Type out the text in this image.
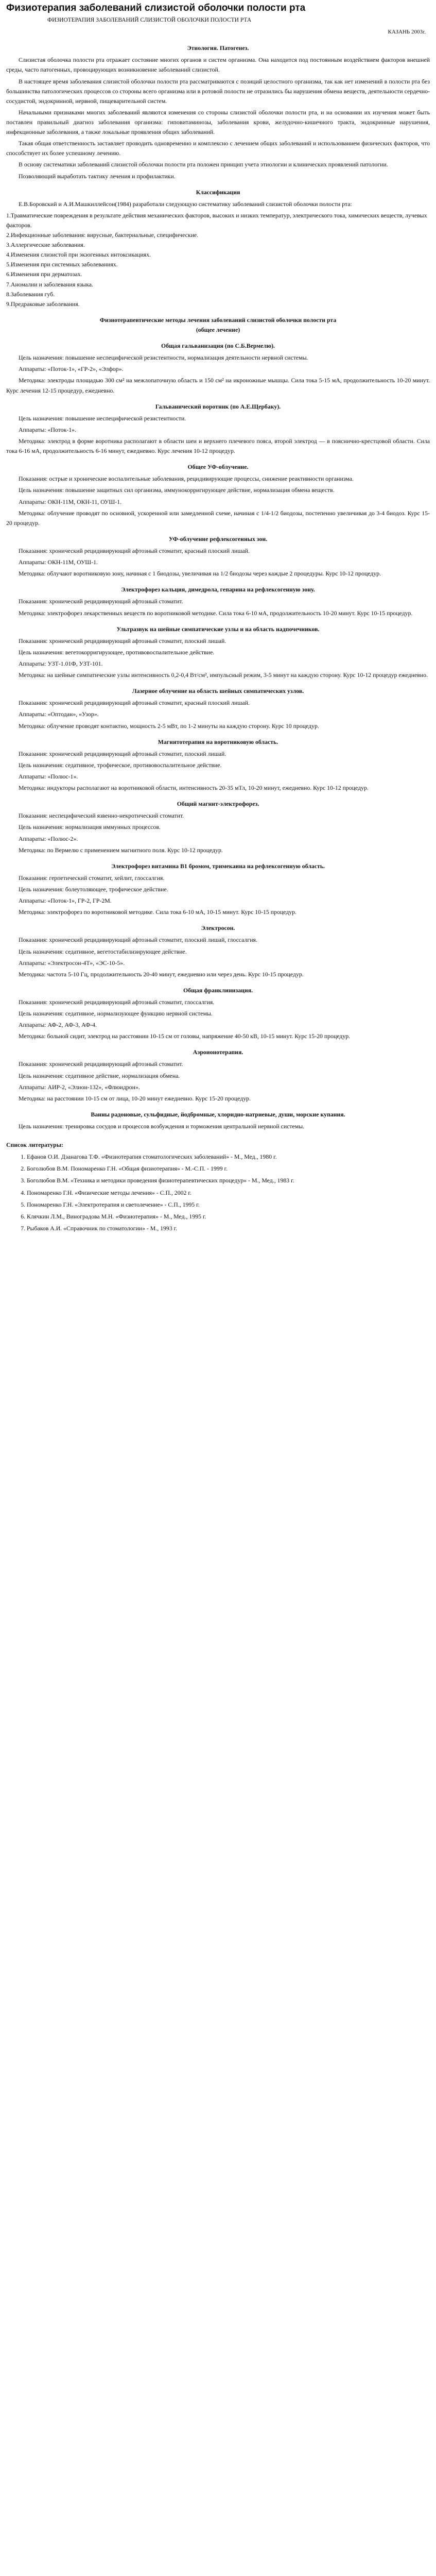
Физиотерапия заболеваний слизистой оболочки полости рта
ФИЗИОТЕРАПИЯ ЗАБОЛЕВАНИЙ СЛИЗИСТОЙ ОБОЛОЧКИ ПОЛОСТИ РТА
КАЗАНЬ 2003г.
Этиология. Патогенез.

Слизистая оболочка полости рта отражает состояние многих органов и систем организма. Она находится под постоянным воздействием факторов внешней среды, часто патогенных, провоцирующих возникновение заболеваний слизистой.

В настоящее время заболевания слизистой оболочки полости рта рассматриваются с позиций целостного организма, так как нет изменений в полости рта без большинства патологических процессов со стороны всего организма или в ротовой полости не отразились бы нарушения обмена веществ, деятельности сердечно-сосудистой, эндокринной, нервной, пищеварительной систем.

Начальными признаками многих заболеваний являются изменения со стороны слизистой оболочки полости рта, и на основании их изучения может быть поставлен правильный диагноз заболевания организма: гиповитаминозы, заболевания крови, желудочно-кишечного тракта, эндокринные нарушения, инфекционные заболевания, а также локальные проявления общих заболеваний.

Такая общая ответственность заставляет проводить одновременно и комплексно с лечением общих заболеваний и использованием физических факторов, что способствует их более успешному лечению.

В основу систематики заболеваний слизистой оболочки полости рта положен принцип учета этиологии и клинических проявлений патологии.

Позволяющий выработать тактику лечения и профилактики.

Классификация

Е.В.Боровский и А.И.Машкиллейсон(1984) разработали следующую систематику заболеваний слизистой оболочки полости рта:

1.Травматические повреждения в результате действия механических факторов, высоких и низких температур, электрического тока, химических веществ, лучевых факторов.
2.Инфекционные заболевания: вирусные, бактериальные, специфические.
3.Аллергические заболевания.
4.Изменения слизистой при экзогенных интоксикациях.
5.Изменения при системных заболеваниях.
6.Изменения при дерматозах.
7.Аномалии и заболевания языка.
8.Заболевания губ.
9.Предраковые заболевания.
Физиотерапевтические методы лечения заболеваний слизистой оболочки полости рта
(общее лечение)
Общая гальванизация (по С.Б.Вермелю).

Цель назначения: повышение неспецифической резистентности, нормализация деятельности нервной системы.

Аппараты: «Поток-1», «ГР-2», «Элфор».

Методика: электроды площадью 300 см² на межлопаточную область и 150 см² на икроножные мышцы. Сила тока 5-15 мА, продолжительность 10-20 минут. Курс лечения 12-15 процедур, ежедневно.

Гальванический воротник (по А.Е.Щербаку).

Цель назначения: повышение неспецифической резистентности.

Аппараты: «Поток-1».

Методика: электрод в форме воротника располагают в области шеи и верхнего плечевого пояса, второй электрод — в пояснично-крестцовой области. Сила тока 6-16 мА, продолжительность 6-16 минут, ежедневно. Курс лечения 10-12 процедур.

Общее УФ-облучение.

Показания: острые и хронические воспалительные заболевания, рецидивирующие процессы, снижение реактивности организма.

Цель назначения: повышение защитных сил организма, иммунокорригирующее действие, нормализация обмена веществ.

Аппараты: ОКН-11М, ОКН-11, ОУШ-1.

Методика: облучение проводят по основной, ускоренной или замедленной схеме, начиная с 1/4-1/2 биодозы, постепенно увеличивая до 3-4 биодоз. Курс 15-20 процедур.

УФ-облучение рефлексогенных зон.

Показания: хронический рецидивирующий афтозный стоматит, красный плоский лишай.

Аппараты: ОКН-11М, ОУШ-1.

Методика: облучают воротниковую зону, начиная с 1 биодозы, увеличивая на 1/2 биодозы через каждые 2 процедуры. Курс 10-12 процедур.

Электрофорез кальция, димедрола, гепарина на рефлексогенную зону.

Показания: хронический рецидивирующий афтозный стоматит.

Методика: электрофорез лекарственных веществ по воротниковой методике. Сила тока 6-10 мА, продолжительность 10-20 минут. Курс 10-15 процедур.

Ультразвук на шейные симпатические узлы и на область надпочечников.

Показания: хронический рецидивирующий афтозный стоматит, плоский лишай.

Цель назначения: вегетокорригирующее, противовоспалительное действие.

Аппараты: УЗТ-1.01Ф, УЗТ-101.

Методика: на шейные симпатические узлы интенсивность 0,2-0,4 Вт/см², импульсный режим, 3-5 минут на каждую сторону. Курс 10-12 процедур ежедневно.

Лазерное облучение на область шейных симпатических узлов.

Показания: хронический рецидивирующий афтозный стоматит, красный плоский лишай.

Аппараты: «Оптодан», «Узор».

Методика: облучение проводят контактно, мощность 2-5 мВт, по 1-2 минуты на каждую сторону. Курс 10 процедур.

Магнитотерапия на воротниковую область.

Показания: хронический рецидивирующий афтозный стоматит, плоский лишай.

Цель назначения: седативное, трофическое, противовоспалительное действие.

Аппараты: «Полюс-1».

Методика: индукторы располагают на воротниковой области, интенсивность 20-35 мТл, 10-20 минут, ежедневно. Курс 10-12 процедур.

Общий магнит-электрофорез.

Показания: неспецифический язвенно-некротический стоматит.

Цель назначения: нормализация иммунных процессов.

Аппараты: «Полюс-2».

Методика: по Вермелю с применением магнитного поля. Курс 10-12 процедур.

Электрофорез витамина B1 бромом, тримекаина на рефлексогенную область.

Показания: герпетический стоматит, хейлит, глоссалгия.

Цель назначения: болеутоляющее, трофическое действие.

Аппараты: «Поток-1», ГР-2, ГР-2М.

Методика: электрофорез по воротниковой методике. Сила тока 6-10 мА, 10-15 минут. Курс 10-15 процедур.

Электросон.

Показания: хронический рецидивирующий афтозный стоматит, плоский лишай, глоссалгия.

Цель назначения: седативное, вегетостабилизирующее действие.

Аппараты: «Электросон-4Т», «ЭС-10-5».

Методика: частота 5-10 Гц, продолжительность 20-40 минут, ежедневно или через день. Курс 10-15 процедур.

Общая франклинизация.

Показания: хронический рецидивирующий афтозный стоматит, глоссалгия.

Цель назначения: седативное, нормализующее функцию нервной системы.

Аппараты: АФ-2, АФ-3, АФ-4.

Методика: больной сидит, электрод на расстоянии 10-15 см от головы, напряжение 40-50 кВ, 10-15 минут. Курс 15-20 процедур.

Аэроионотерапия.

Показания: хронический рецидивирующий афтозный стоматит.

Цель назначения: седативное действие, нормализация обмена.

Аппараты: АИР-2, «Элион-132», «Флюидрон».

Методика: на расстоянии 10-15 см от лица, 10-20 минут ежедневно. Курс 15-20 процедур.

Ванны радоновые, сульфидные, йодбромные, хлоридно-натриевые, души, морские купания.

Цель назначения: тренировка сосудов и процессов возбуждения и торможения центральной нервной системы.

Список литературы:

1. Ефанов О.И. Дзанагова Т.Ф. «Физиотерапия стоматологических заболеваний» - М., Мед., 1980 г.
2. Боголюбов В.М. Пономаренко Г.Н. «Общая физиотерапия» - М.-С.П. - 1999 г.
3. Боголюбов В.М. «Техника и методики проведения физиотерапевтических процедур» - М., Мед., 1983 г.
4. Пономаренко Г.Н. «Физические методы лечения» - С.П., 2002 г.
5. Пономаренко Г.Н. «Электротерапия и светолечение» - С.П., 1995 г.
6. Клячкин Л.М., Виноградова М.Н. «Физиотерапия» - М., Мед., 1995 г.
7. Рыбаков А.И. «Справочник по стоматологии» - М., 1993 г.
